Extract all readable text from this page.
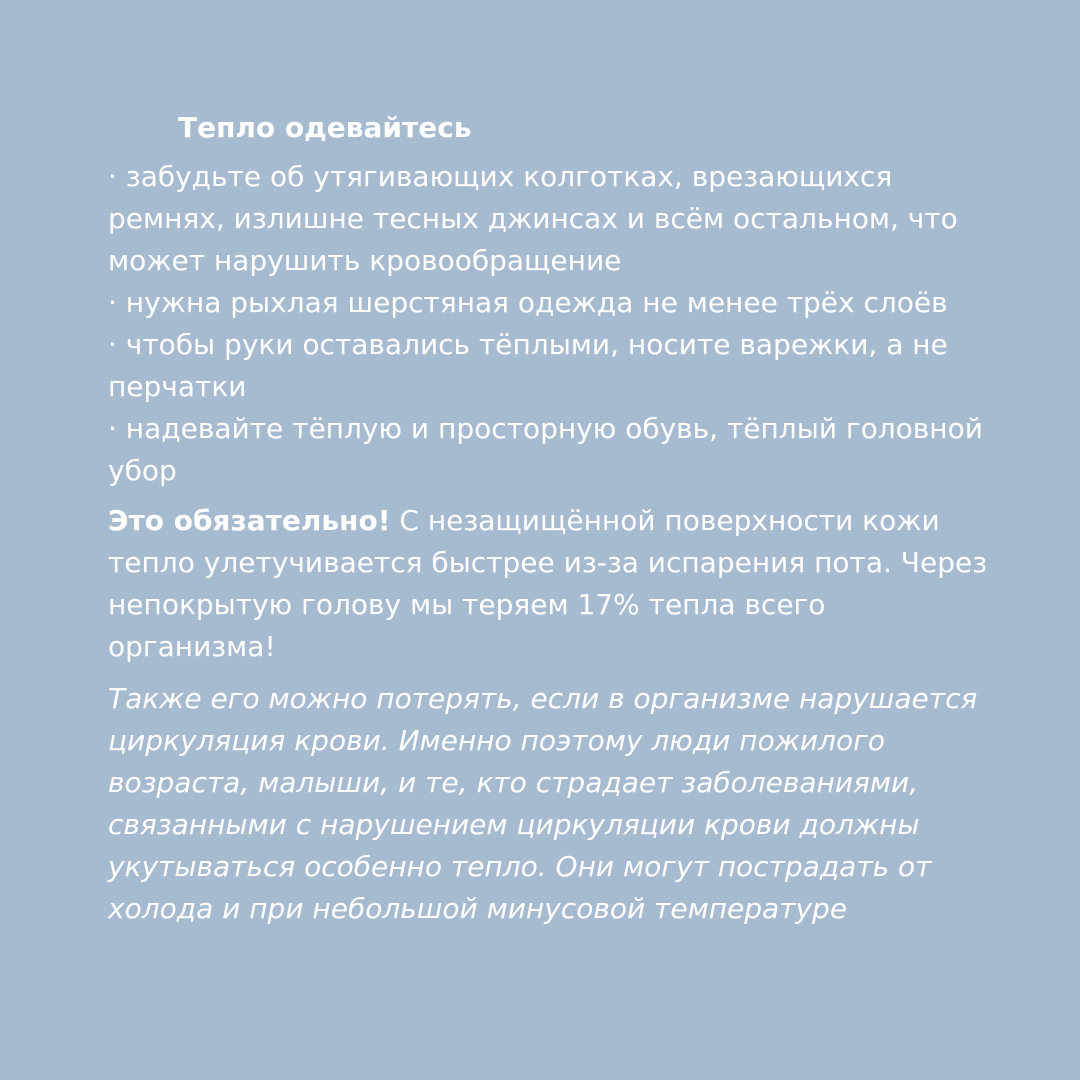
Тепло одевайтесь
· забудьте об утягивающих колготках, врезающихся ремнях, излишне тесных джинсах и всём остальном, что может нарушить кровообращение
· нужна рыхлая шерстяная одежда не менее трёх слоёв
· чтобы руки оставались тёплыми, носите варежки, а не перчатки
· надевайте тёплую и просторную обувь, тёплый головной убор

Это обязательно! С незащищённой поверхности кожи тепло улетучивается быстрее из-за испарения пота. Через непокрытую голову мы теряем 17% тепла всего организма!

Также его можно потерять, если в организме нарушается циркуляция крови. Именно поэтому люди пожилого возраста, малыши, и те, кто страдает заболеваниями, связанными с нарушением циркуляции крови должны укутываться особенно тепло. Они могут пострадать от холода и при небольшой минусовой температуре
